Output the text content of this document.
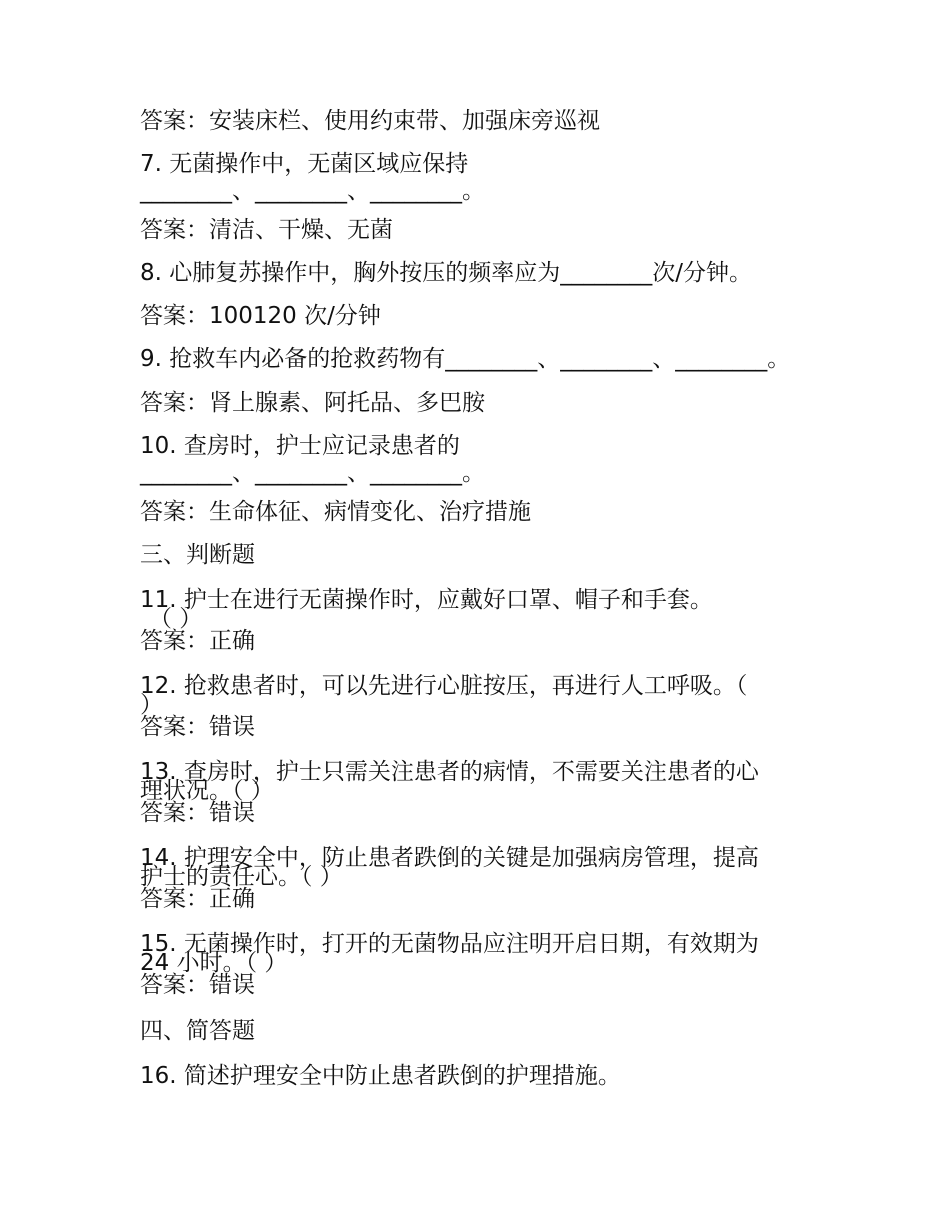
答案：安装床栏、使用约束带、加强床旁巡视
7. 无菌操作中，无菌区域应保持
________、________、________。
答案：清洁、干燥、无菌
8. 心肺复苏操作中，胸外按压的频率应为________次/分钟。
答案：100120 次/分钟
9. 抢救车内必备的抢救药物有________、________、________。
答案：肾上腺素、阿托品、多巴胺
10. 查房时，护士应记录患者的
________、________、________。
答案：生命体征、病情变化、治疗措施
三、判断题
11. 护士在进行无菌操作时，应戴好口罩、帽子和手套。
（ ）
答案：正确
12. 抢救患者时，可以先进行心脏按压，再进行人工呼吸。（
）
答案：错误
13. 查房时，护士只需关注患者的病情，不需要关注患者的心
理状况。（ ）
答案：错误
14. 护理安全中，防止患者跌倒的关键是加强病房管理，提高
护士的责任心。（ ）
答案：正确
15. 无菌操作时，打开的无菌物品应注明开启日期，有效期为
24 小时。（ ）
答案：错误
四、简答题
16. 简述护理安全中防止患者跌倒的护理措施。
